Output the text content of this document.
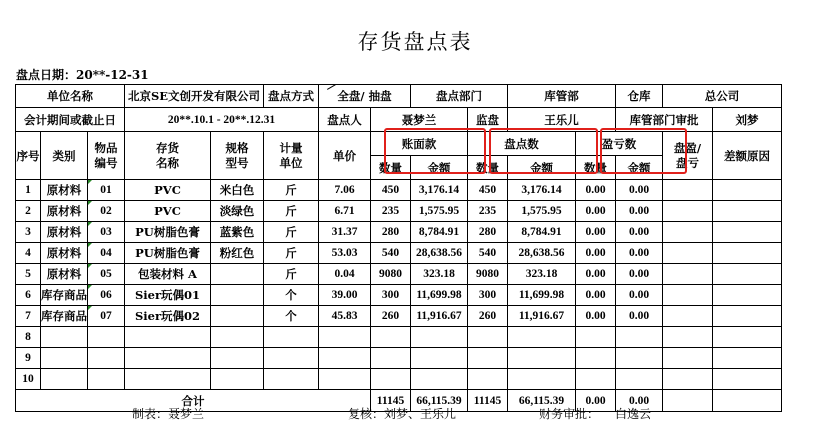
存货盘点表
盘点日期：20**-12-31
单位名称			北京SE文创开发有限公司		盘点方式	全盘/ 抽盘		盘点部门		库管部		仓库	总公司	
会计期间或截止日			20**.10.1 - 20**.12.31			盘点人	聂梦兰		监盘	王乐儿		库管部门审批		刘梦
序号	类别	物品编号	存货名称	规格型号	计量单位	单价	账面款		盘点数		盈亏数		盘盈/盘亏	差额原因
							数量	金额	数量	金额	数量	金额		
1	原材料	01	PVC	米白色	斤	7.06	450	3,176.14	450	3,176.14	0.00	0.00		
2	原材料	02	PVC	淡绿色	斤	6.71	235	1,575.95	235	1,575.95	0.00	0.00		
3	原材料	03	PU树脂色膏	蓝紫色	斤	31.37	280	8,784.91	280	8,784.91	0.00	0.00		
4	原材料	04	PU树脂色膏	粉红色	斤	53.03	540	28,638.56	540	28,638.56	0.00	0.00		
5	原材料	05	包装材料 A		斤	0.04	9080	323.18	9080	323.18	0.00	0.00		
6	库存商品	06	Sier玩偶01		个	39.00	300	11,699.98	300	11,699.98	0.00	0.00		
7	库存商品	07	Sier玩偶02		个	45.83	260	11,916.67	260	11,916.67	0.00	0.00		
8														
9														
10														
合计							11145	66,115.39	11145	66,115.39	0.00	0.00		
制表：聂梦兰	复核：刘梦、王乐儿	财务审批： 白逸云
